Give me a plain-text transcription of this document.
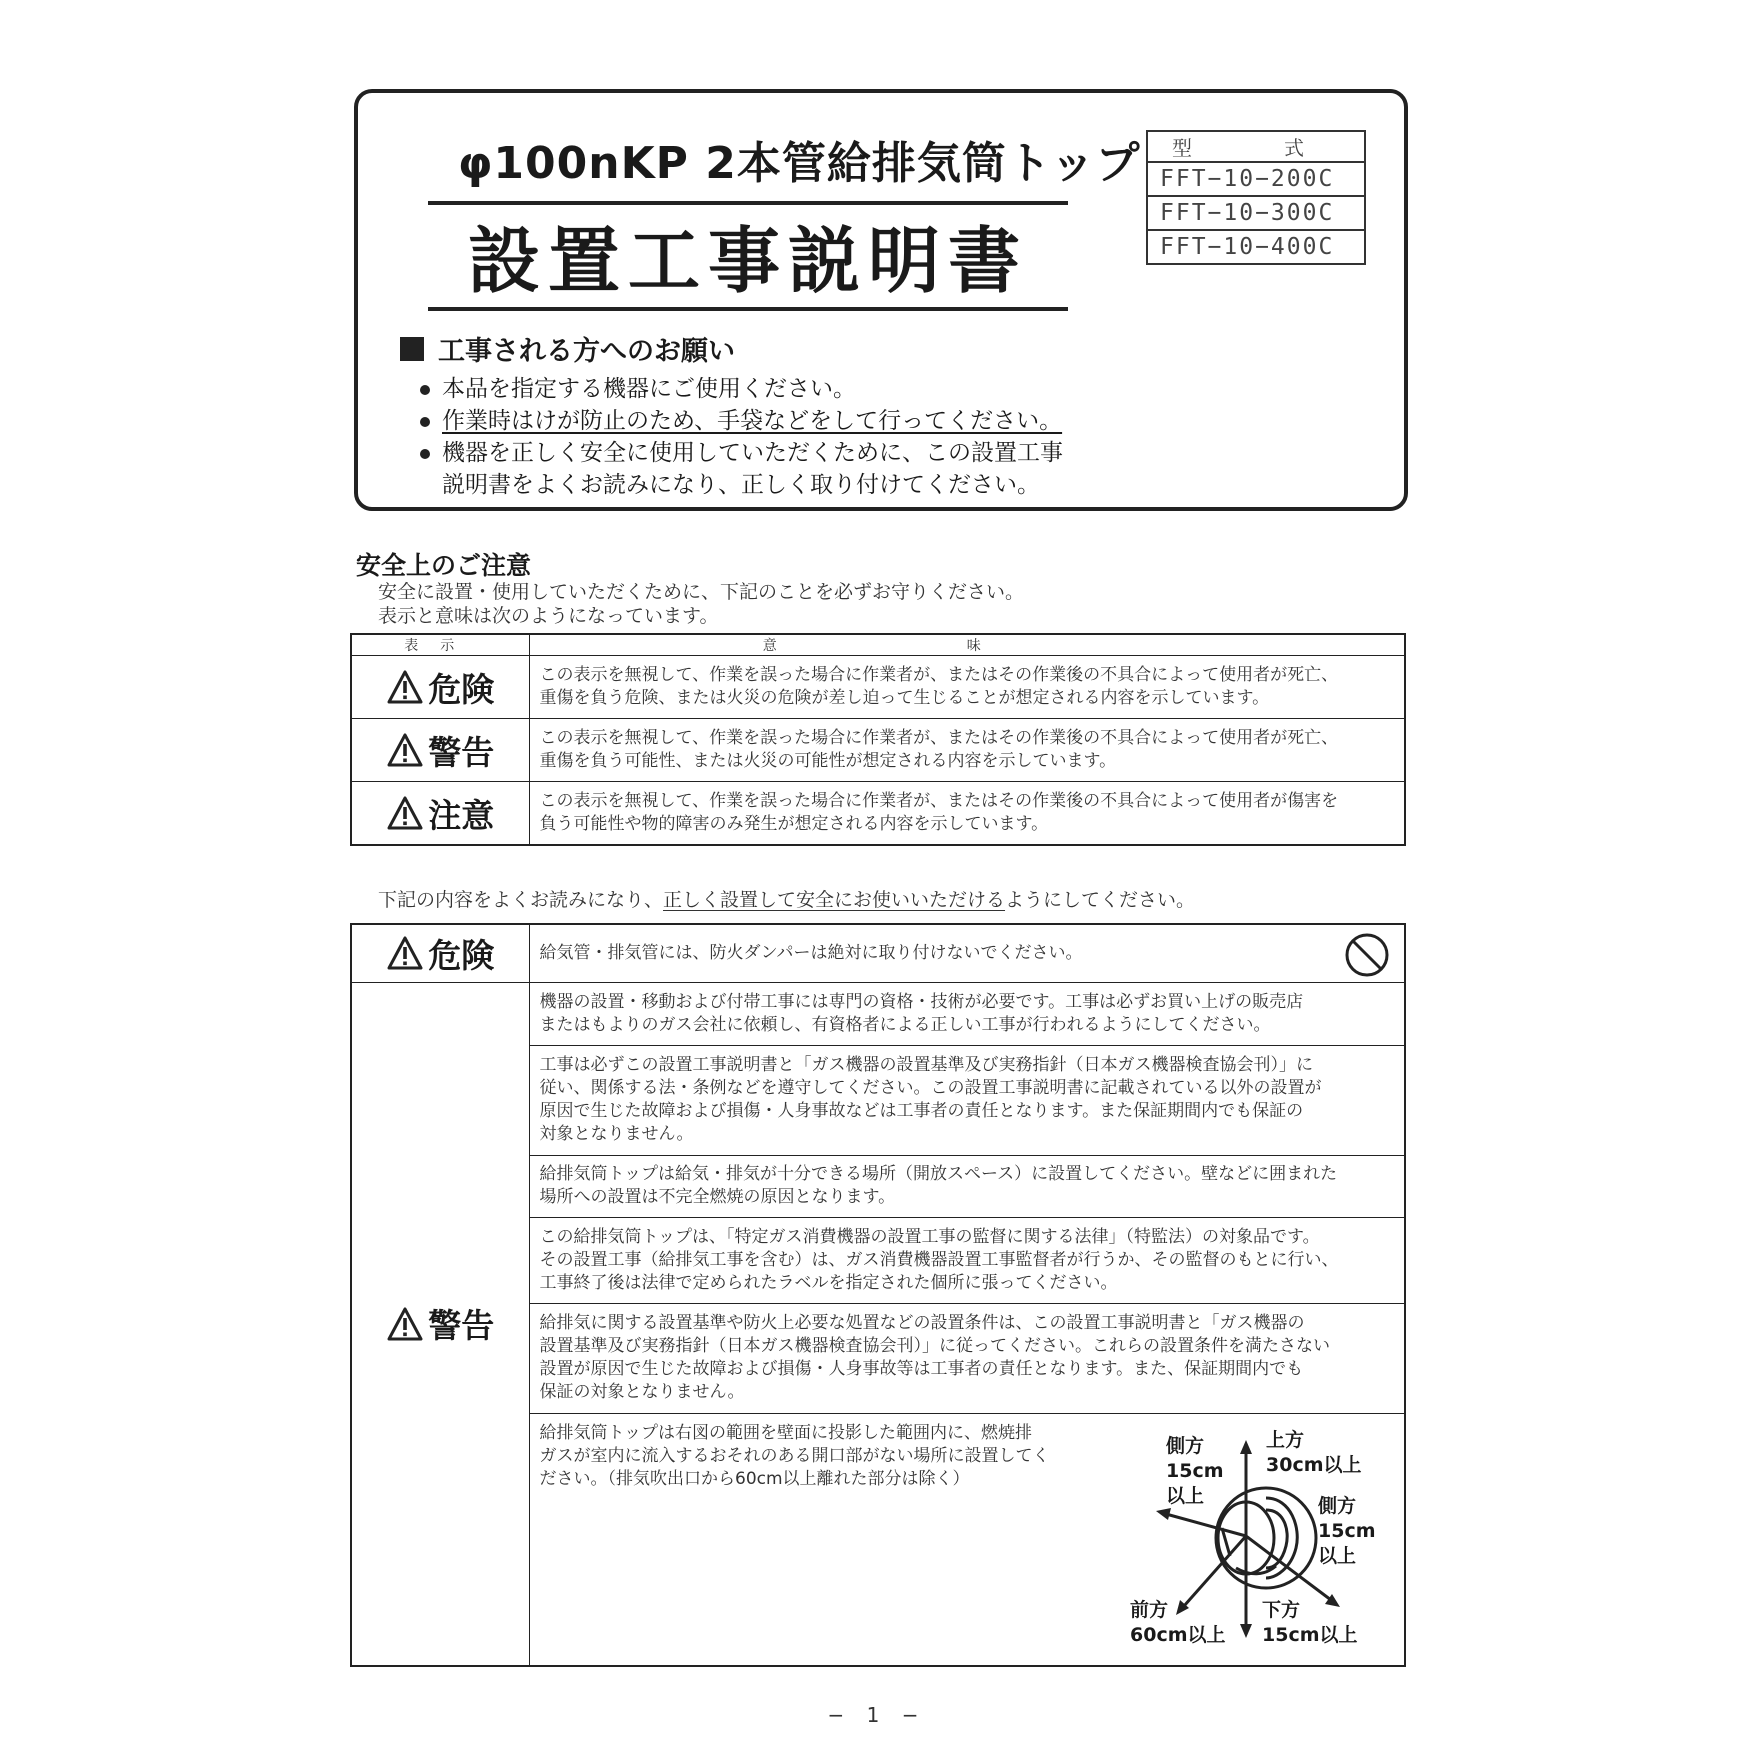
φ100nKP 2本管給排気筒トップ
設置工事説明書
型　式
FFT−10−200C
FFT−10−300C
FFT−10−400C
工事される方へのお願い
本品を指定する機器にご使用ください。
作業時はけが防止のため、手袋などをして行ってください。
機器を正しく安全に使用していただくために、この設置工事
説明書をよくお読みになり、正しく取り付けてください。
安全上のご注意
安全に設置・使用していただくために、下記のことを必ずお守りください。
表示と意味は次のようになっています。
表示	意味

危険	この表示を無視して、作業を誤った場合に作業者が、またはその作業後の不具合によって使用者が死亡、
重傷を負う危険、または火災の危険が差し迫って生じることが想定される内容を示しています。

警告	この表示を無視して、作業を誤った場合に作業者が、またはその作業後の不具合によって使用者が死亡、
重傷を負う可能性、または火災の可能性が想定される内容を示しています。

注意	この表示を無視して、作業を誤った場合に作業者が、またはその作業後の不具合によって使用者が傷害を
負う可能性や物的障害のみ発生が想定される内容を示しています。
下記の内容をよくお読みになり、正しく設置して安全にお使いいただけるようにしてください。
危険	給気管・排気管には、防火ダンパーは絶対に取り付けないでください。

警告	機器の設置・移動および付帯工事には専門の資格・技術が必要です。工事は必ずお買い上げの販売店
またはもよりのガス会社に依頼し、有資格者による正しい工事が行われるようにしてください。

	工事は必ずこの設置工事説明書と「ガス機器の設置基準及び実務指針（日本ガス機器検査協会刊）」に
従い、関係する法・条例などを遵守してください。この設置工事説明書に記載されている以外の設置が
原因で生じた故障および損傷・人身事故などは工事者の責任となります。また保証期間内でも保証の
対象となりません。

	給排気筒トップは給気・排気が十分できる場所（開放スペース）に設置してください。壁などに囲まれた
場所への設置は不完全燃焼の原因となります。

	この給排気筒トップは、「特定ガス消費機器の設置工事の監督に関する法律」（特監法）の対象品です。
その設置工事（給排気工事を含む）は、ガス消費機器設置工事監督者が行うか、その監督のもとに行い、
工事終了後は法律で定められたラベルを指定された個所に張ってください。

	給排気に関する設置基準や防火上必要な処置などの設置条件は、この設置工事説明書と「ガス機器の
設置基準及び実務指針（日本ガス機器検査協会刊）」に従ってください。これらの設置条件を満たさない
設置が原因で生じた故障および損傷・人身事故等は工事者の責任となります。また、保証期間内でも
保証の対象となりません。

	給排気筒トップは右図の範囲を壁面に投影した範囲内に、燃焼排
ガスが室内に流入するおそれのある開口部がない場所に設置してく
ださい。（排気吹出口から60cm以上離れた部分は除く）
側方
15cm
以上
上方
30cm以上
側方
15cm
以上
前方
60cm以上
下方
15cm以上
− 1 −
